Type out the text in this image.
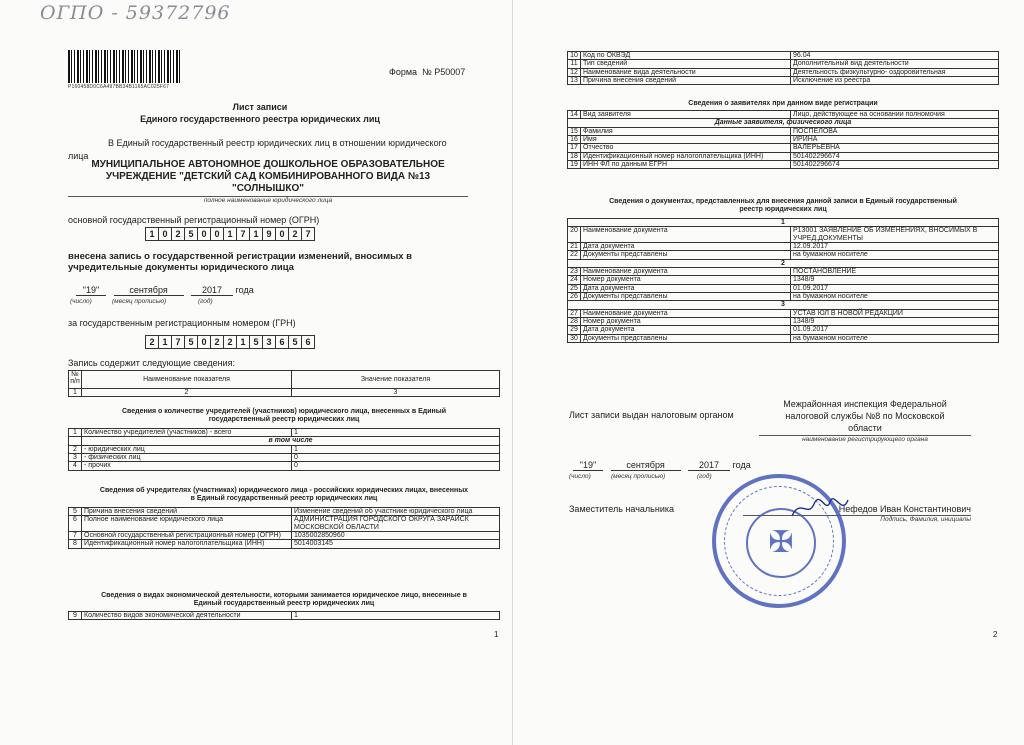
ОГПО - 59372796
P160458D0C6A497BB34B1165AC025F67
Форма № Р50007
Лист записи
Единого государственного реестра юридических лиц
В Единый государственный реестр юридических лиц в отношении юридического
лица
МУНИЦИПАЛЬНОЕ АВТОНОМНОЕ ДОШКОЛЬНОЕ ОБРАЗОВАТЕЛЬНОЕ
УЧРЕЖДЕНИЕ "ДЕТСКИЙ САД КОМБИНИРОВАННОГО ВИДА №13
"СОЛНЫШКО"
полное наименование юридического лица
основной государственный регистрационный номер (ОГРН)
1	0	2	5	0	0	1	7	1	9	0	2	7
внесена запись о государственной регистрации изменений, вносимых в
учредительные документы юридического лица
"19"	сентября	2017 года
(число)	(месяц прописью)	(год)
за государственным регистрационным номером (ГРН)
2	1	7	5	0	2	2	1	5	3	6	5	6
Запись содержит следующие сведения:
№ п/п	Наименование показателя	Значение показателя
1	2	3
Сведения о количестве учредителей (участников) юридического лица, внесенных в Единый
государственный реестр юридических лиц
1	Количество учредителей (участников) - всего	1
	в том числе	
2	- юридических лиц	1
3	- физических лиц	0
4	- прочих	0
Сведения об учредителях (участниках) юридического лица - российских юридических лицах, внесенных
в Единый государственный реестр юридических лиц
5	Причина внесения сведений	Изменение сведений об участнике юридического лица
6	Полное наименование юридического лица	АДМИНИСТРАЦИЯ ГОРОДСКОГО ОКРУГА ЗАРАЙСК МОСКОВСКОЙ ОБЛАСТИ
7	Основной государственный регистрационный номер (ОГРН)	1035002850960
8	Идентификационный номер налогоплательщика (ИНН)	5014003145
Сведения о видах экономической деятельности, которыми занимается юридическое лицо, внесенные в
Единый государственный реестр юридических лиц
9	Количество видов экономической деятельности	1
1
10	Код по ОКВЭД	96.04
11	Тип сведений	Дополнительный вид деятельности
12	Наименование вида деятельности	Деятельность физкультурно- оздоровительная
13	Причина внесения сведений	Исключение из реестра
Сведения о заявителях при данном виде регистрации
14	Вид заявителя	Лицо, действующее на основании полномочия
Данные заявителя, физического лица		
15	Фамилия	ПОСПЕЛОВА
16	Имя	ИРИНА
17	Отчество	ВАЛЕРЬЕВНА
18	Идентификационный номер налогоплательщика (ИНН)	501402296674
19	ИНН ФЛ по данным ЕГРН	501402296674
Сведения о документах, представленных для внесения данной записи в Единый государственный
реестр юридических лиц
1		
20	Наименование документа	Р13001 ЗАЯВЛЕНИЕ ОБ ИЗМЕНЕНИЯХ, ВНОСИМЫХ В УЧРЕД.ДОКУМЕНТЫ
21	Дата документа	12.09.2017
22	Документы представлены	на бумажном носителе
2		
23	Наименование документа	ПОСТАНОВЛЕНИЕ
24	Номер документа	1348/9
25	Дата документа	01.09.2017
26	Документы представлены	на бумажном носителе
3		
27	Наименование документа	УСТАВ ЮЛ В НОВОЙ РЕДАКЦИИ
28	Номер документа	1348/9
29	Дата документа	01.09.2017
30	Документы представлены	на бумажном носителе
Лист записи выдан налоговым органом
Межрайонная инспекция Федеральной
налоговой службы №8 по Московской
области
наименование регистрирующего органа
"19"	сентября	2017 года
(число)	(месяц прописью)	(год)
Заместитель начальника	Нефедов Иван Константинович
Подпись, Фамилия, инициалы
2
✠
